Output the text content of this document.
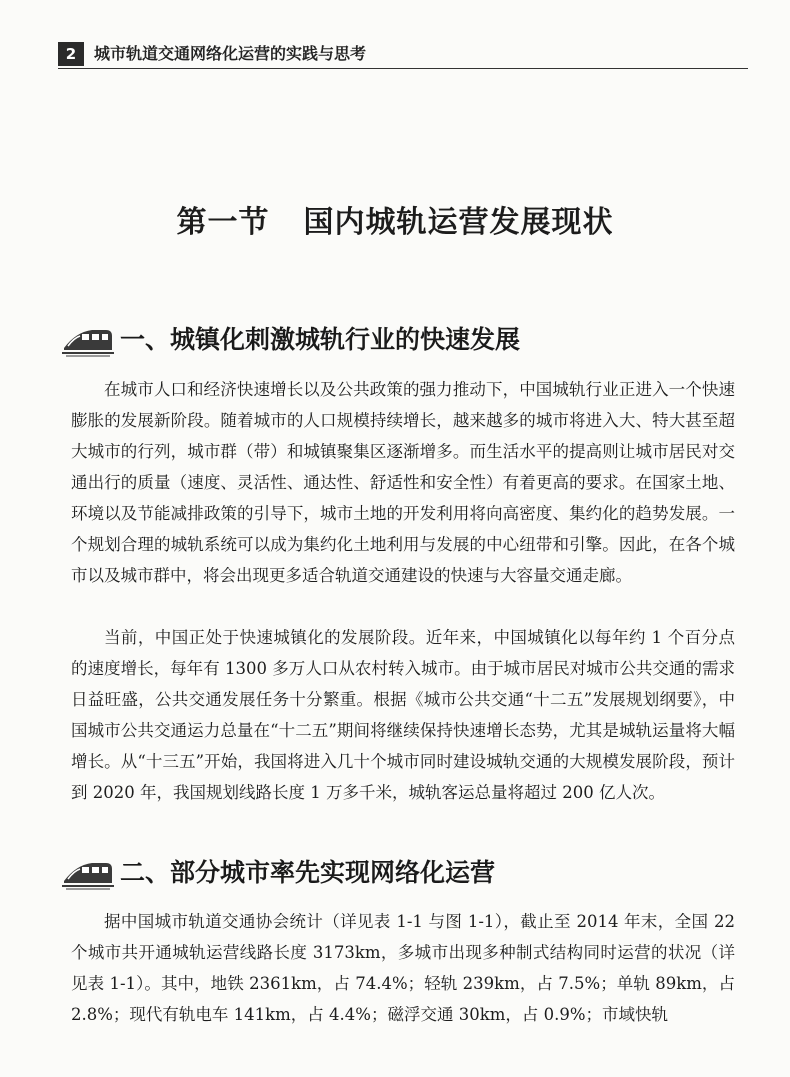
2	城市轨道交通网络化运营的实践与思考
第一节 国内城轨运营发展现状
一、城镇化刺激城轨行业的快速发展

在城市人口和经济快速增长以及公共政策的强力推动下，中国城轨行业正进入一个快速膨胀的发展新阶段。随着城市的人口规模持续增长，越来越多的城市将进入大、特大甚至超大城市的行列，城市群（带）和城镇聚集区逐渐增多。而生活水平的提高则让城市居民对交通出行的质量（速度、灵活性、通达性、舒适性和安全性）有着更高的要求。在国家土地、环境以及节能减排政策的引导下，城市土地的开发利用将向高密度、集约化的趋势发展。一个规划合理的城轨系统可以成为集约化土地利用与发展的中心纽带和引擎。因此，在各个城市以及城市群中，将会出现更多适合轨道交通建设的快速与大容量交通走廊。

当前，中国正处于快速城镇化的发展阶段。近年来，中国城镇化以每年约 1 个百分点的速度增长，每年有 1300 多万人口从农村转入城市。由于城市居民对城市公共交通的需求日益旺盛，公共交通发展任务十分繁重。根据《城市公共交通“十二五”发展规划纲要》，中国城市公共交通运力总量在“十二五”期间将继续保持快速增长态势，尤其是城轨运量将大幅增长。从“十三五”开始，我国将进入几十个城市同时建设城轨交通的大规模发展阶段，预计到 2020 年，我国规划线路长度 1 万多千米，城轨客运总量将超过 200 亿人次。

二、部分城市率先实现网络化运营

据中国城市轨道交通协会统计（详见表 1-1 与图 1-1），截止至 2014 年末，全国 22 个城市共开通城轨运营线路长度 3173km，多城市出现多种制式结构同时运营的状况（详见表 1-1）。其中，地铁 2361km，占 74.4%；轻轨 239km，占 7.5%；单轨 89km，占 2.8%；现代有轨电车 141km，占 4.4%；磁浮交通 30km，占 0.9%；市域快轨
